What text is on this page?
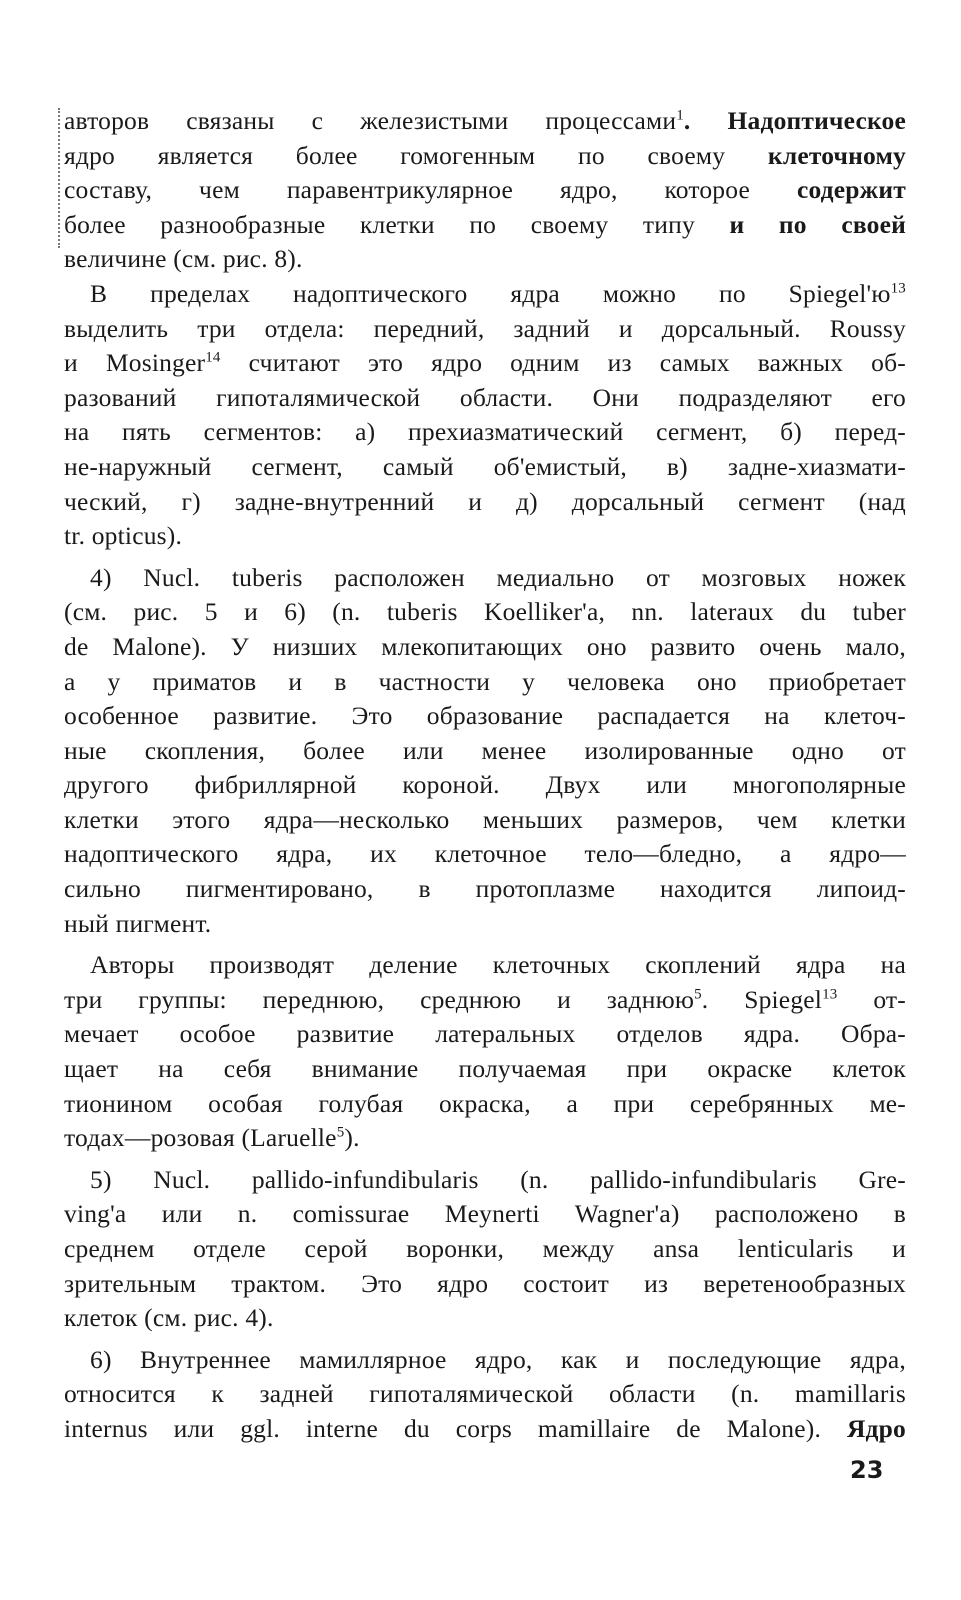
авторов связаны с железистыми процессами$^1$. Надоптическое
ядро является более гомогенным по своему клеточному
составу, чем паравентрикулярное ядро, которое содержит
более разнообразные клетки по своему типу и по своей
величине (см. рис. 8).
В пределах надоптического ядра можно по $Spiegel'ю^{13}$
выделить три отдела: передний, задний и дорсальный. Roussy
и Mosinger$^{14}$ считают это ядро одним из самых важных об-
разований гипоталямической области. Они подразделяют его
на пять сегментов: а) прехиазматический сегмент, б) перед-
не-наружный сегмент, самый об'емистый, в) задне-хиазмати-
ческий, г) задне-внутренний и д) дорсальный сегмент (над
tr. opticus).
4) Nucl. tuberis расположен медиально от мозговых ножек
(см. рис. 5 и 6) (n. tuberis Koelliker'a, nn. lateraux du tuber
de Malone). У низших млекопитающих оно развито очень мало,
а у приматов и в частности у человека оно приобретает
особенное развитие. Это образование распадается на клеточ-
ные скопления, более или менее изолированные одно от
другого фибриллярной короной. Двух или многополярные
клетки этого ядра—несколько меньших размеров, чем клетки
надоптического ядра, их клеточное тело—бледно, а ядро—
сильно пигментировано, в протоплазме находится липоид-
ный пигмент.
Авторы производят деление клеточных скоплений ядра на
три группы: переднюю, среднюю и заднюю$^5$. Spiegel$^{13}$ от-
мечает особое развитие латеральных отделов ядра. Обра-
щает на себя внимание получаемая при окраске клеток
тионином особая голубая окраска, а при серебрянных ме-
тодах—розовая (Laruelle$^5$).
5) Nucl. pallido-infundibularis (n. pallido-infundibularis Gre-
ving'a или n. comissurae Meynerti Wagner'a) расположено в
среднем отделе серой воронки, между ansa lenticularis и
зрительным трактом. Это ядро состоит из веретенообразных
клеток (см. рис. 4).
6) Внутреннее мамиллярное ядро, как и последующие ядра,
относится к задней гипоталямической области (n. mamillaris
internus или ggl. interne du corps mamillaire de Malone). Ядро
23
